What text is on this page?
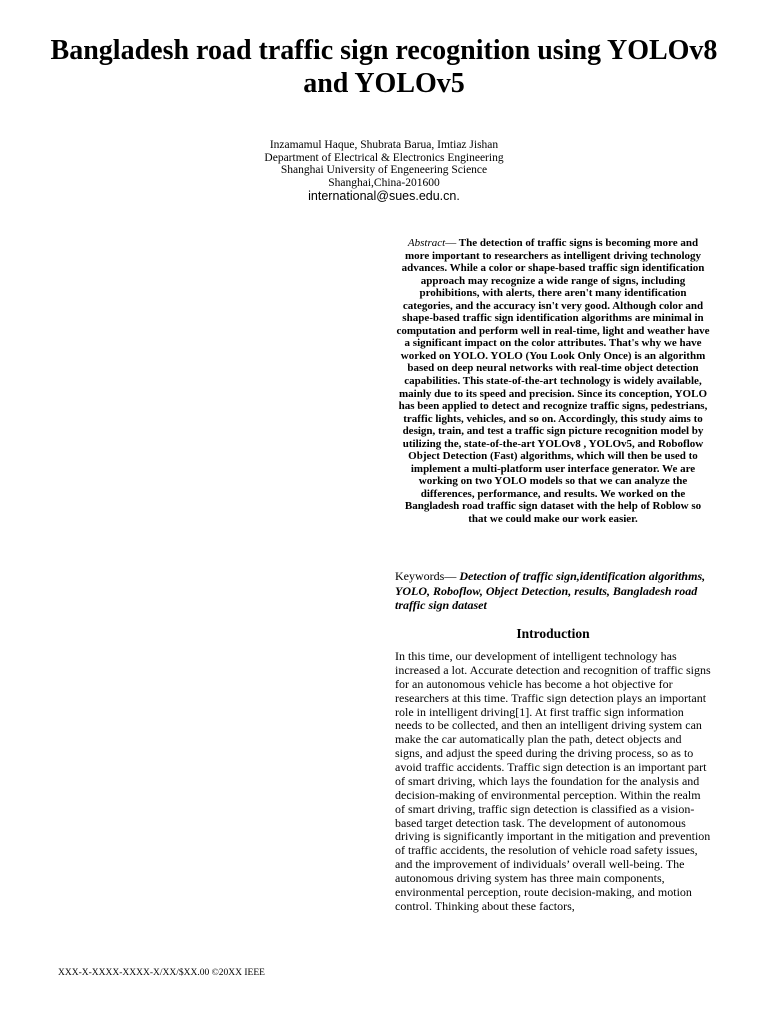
Bangladesh road traffic sign recognition using YOLOv8 and YOLOv5
Inzamamul Haque, Shubrata Barua, Imtiaz Jishan
Department of Electrical & Electronics Engineering
Shanghai University of Engeneering Science
Shanghai,China-201600
international@sues.edu.cn.
Abstract— The detection of traffic signs is becoming more and more important to researchers as intelligent driving technology advances. While a color or shape-based traffic sign identification approach may recognize a wide range of signs, including prohibitions, with alerts, there aren't many identification categories, and the accuracy isn't very good. Although color and shape-based traffic sign identification algorithms are minimal in computation and perform well in real-time, light and weather have a significant impact on the color attributes. That's why we have worked on YOLO. YOLO (You Look Only Once) is an algorithm based on deep neural networks with real-time object detection capabilities. This state-of-the-art technology is widely available, mainly due to its speed and precision. Since its conception, YOLO has been applied to detect and recognize traffic signs, pedestrians, traffic lights, vehicles, and so on. Accordingly, this study aims to design, train, and test a traffic sign picture recognition model by utilizing the, state-of-the-art YOLOv8 , YOLOv5, and Roboflow Object Detection (Fast) algorithms, which will then be used to implement a multi-platform user interface generator. We are working on two YOLO models so that we can analyze the differences, performance, and results. We worked on the Bangladesh road traffic sign dataset with the help of Roblow so that we could make our work easier.
Keywords— Detection of traffic sign,identification algorithms, YOLO, Roboflow, Object Detection, results, Bangladesh road traffic sign dataset
Introduction

In this time, our development of intelligent technology has increased a lot. Accurate detection and recognition of traffic signs for an autonomous vehicle has become a hot objective for researchers at this time. Traffic sign detection plays an important role in intelligent driving[1]. At first traffic sign information needs to be collected, and then an intelligent driving system can make the car automatically plan the path, detect objects and signs, and adjust the speed during the driving process, so as to avoid traffic accidents. Traffic sign detection is an important part of smart driving, which lays the foundation for the analysis and decision-making of environmental perception. Within the realm of smart driving, traffic sign detection is classified as a vision-based target detection task. The development of autonomous driving is significantly important in the mitigation and prevention of traffic accidents, the resolution of vehicle road safety issues, and the improvement of individuals’ overall well-being. The autonomous driving system has three main components, environmental perception, route decision-making, and motion control. Thinking about these factors,

XXX-X-XXXX-XXXX-X/XX/$XX.00 ©20XX IEEE
